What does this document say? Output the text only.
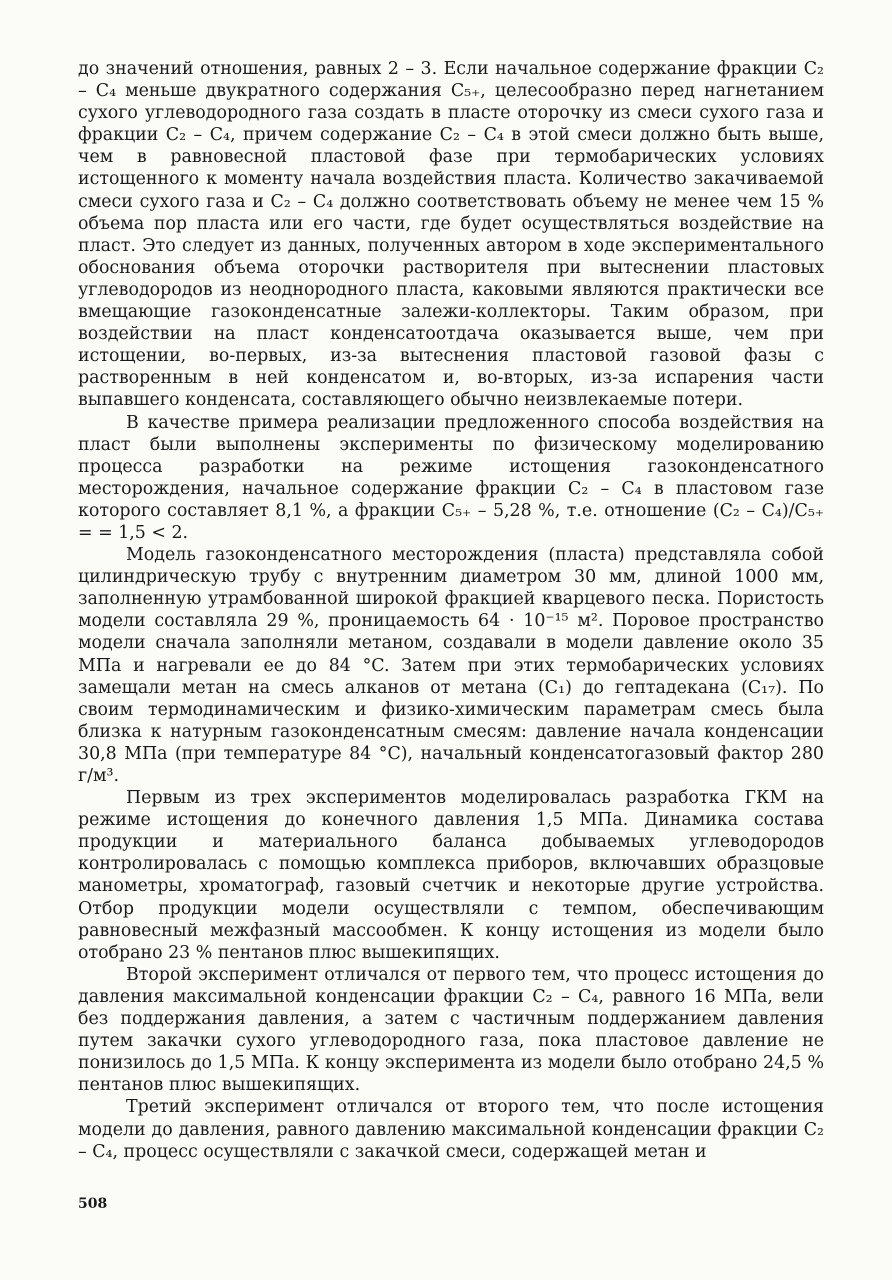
до значений отношения, равных 2 – 3. Если начальное содержание фракции C₂ – C₄ меньше двукратного содержания C₅₊, целесообразно перед нагнетанием сухого углеводородного газа создать в пласте оторочку из смеси сухого газа и фракции C₂ – C₄, причем содержание C₂ – C₄ в этой смеси должно быть выше, чем в равновесной пластовой фазе при термобарических условиях истощенного к моменту начала воздействия пласта. Количество закачиваемой смеси сухого газа и C₂ – C₄ должно соответствовать объему не менее чем 15 % объема пор пласта или его части, где будет осуществляться воздействие на пласт. Это следует из данных, полученных автором в ходе экспериментального обоснования объема оторочки растворителя при вытеснении пластовых углеводородов из неоднородного пласта, каковыми являются практически все вмещающие газоконденсатные залежи-коллекторы. Таким образом, при воздействии на пласт конденсатоотдача оказывается выше, чем при истощении, во-первых, из-за вытеснения пластовой газовой фазы с растворенным в ней конденсатом и, во-вторых, из-за испарения части выпавшего конденсата, составляющего обычно неизвлекаемые потери.

В качестве примера реализации предложенного способа воздействия на пласт были выполнены эксперименты по физическому моделированию процесса разработки на режиме истощения газоконденсатного месторождения, начальное содержание фракции C₂ – C₄ в пластовом газе которого составляет 8,1 %, а фракции C₅₊ – 5,28 %, т.е. отношение (C₂ – C₄)/C₅₊ = = 1,5 < 2.

Модель газоконденсатного месторождения (пласта) представляла собой цилиндрическую трубу с внутренним диаметром 30 мм, длиной 1000 мм, заполненную утрамбованной широкой фракцией кварцевого песка. Пористость модели составляла 29 %, проницаемость 64 · 10⁻¹⁵ м². Поровое пространство модели сначала заполняли метаном, создавали в модели давление около 35 МПа и нагревали ее до 84 °C. Затем при этих термобарических условиях замещали метан на смесь алканов от метана (C₁) до гептадекана (C₁₇). По своим термодинамическим и физико-химическим параметрам смесь была близка к натурным газоконденсатным смесям: давление начала конденсации 30,8 МПа (при температуре 84 °C), начальный конденсатогазовый фактор 280 г/м³.

Первым из трех экспериментов моделировалась разработка ГКМ на режиме истощения до конечного давления 1,5 МПа. Динамика состава продукции и материального баланса добываемых углеводородов контролировалась с помощью комплекса приборов, включавших образцовые манометры, хроматограф, газовый счетчик и некоторые другие устройства. Отбор продукции модели осуществляли с темпом, обеспечивающим равновесный межфазный массообмен. К концу истощения из модели было отобрано 23 % пентанов плюс вышекипящих.

Второй эксперимент отличался от первого тем, что процесс истощения до давления максимальной конденсации фракции C₂ – C₄, равного 16 МПа, вели без поддержания давления, а затем с частичным поддержанием давления путем закачки сухого углеводородного газа, пока пластовое давление не понизилось до 1,5 МПа. К концу эксперимента из модели было отобрано 24,5 % пентанов плюс вышекипящих.

Третий эксперимент отличался от второго тем, что после истощения модели до давления, равного давлению максимальной конденсации фракции C₂ – C₄, процесс осуществляли с закачкой смеси, содержащей метан и

508
